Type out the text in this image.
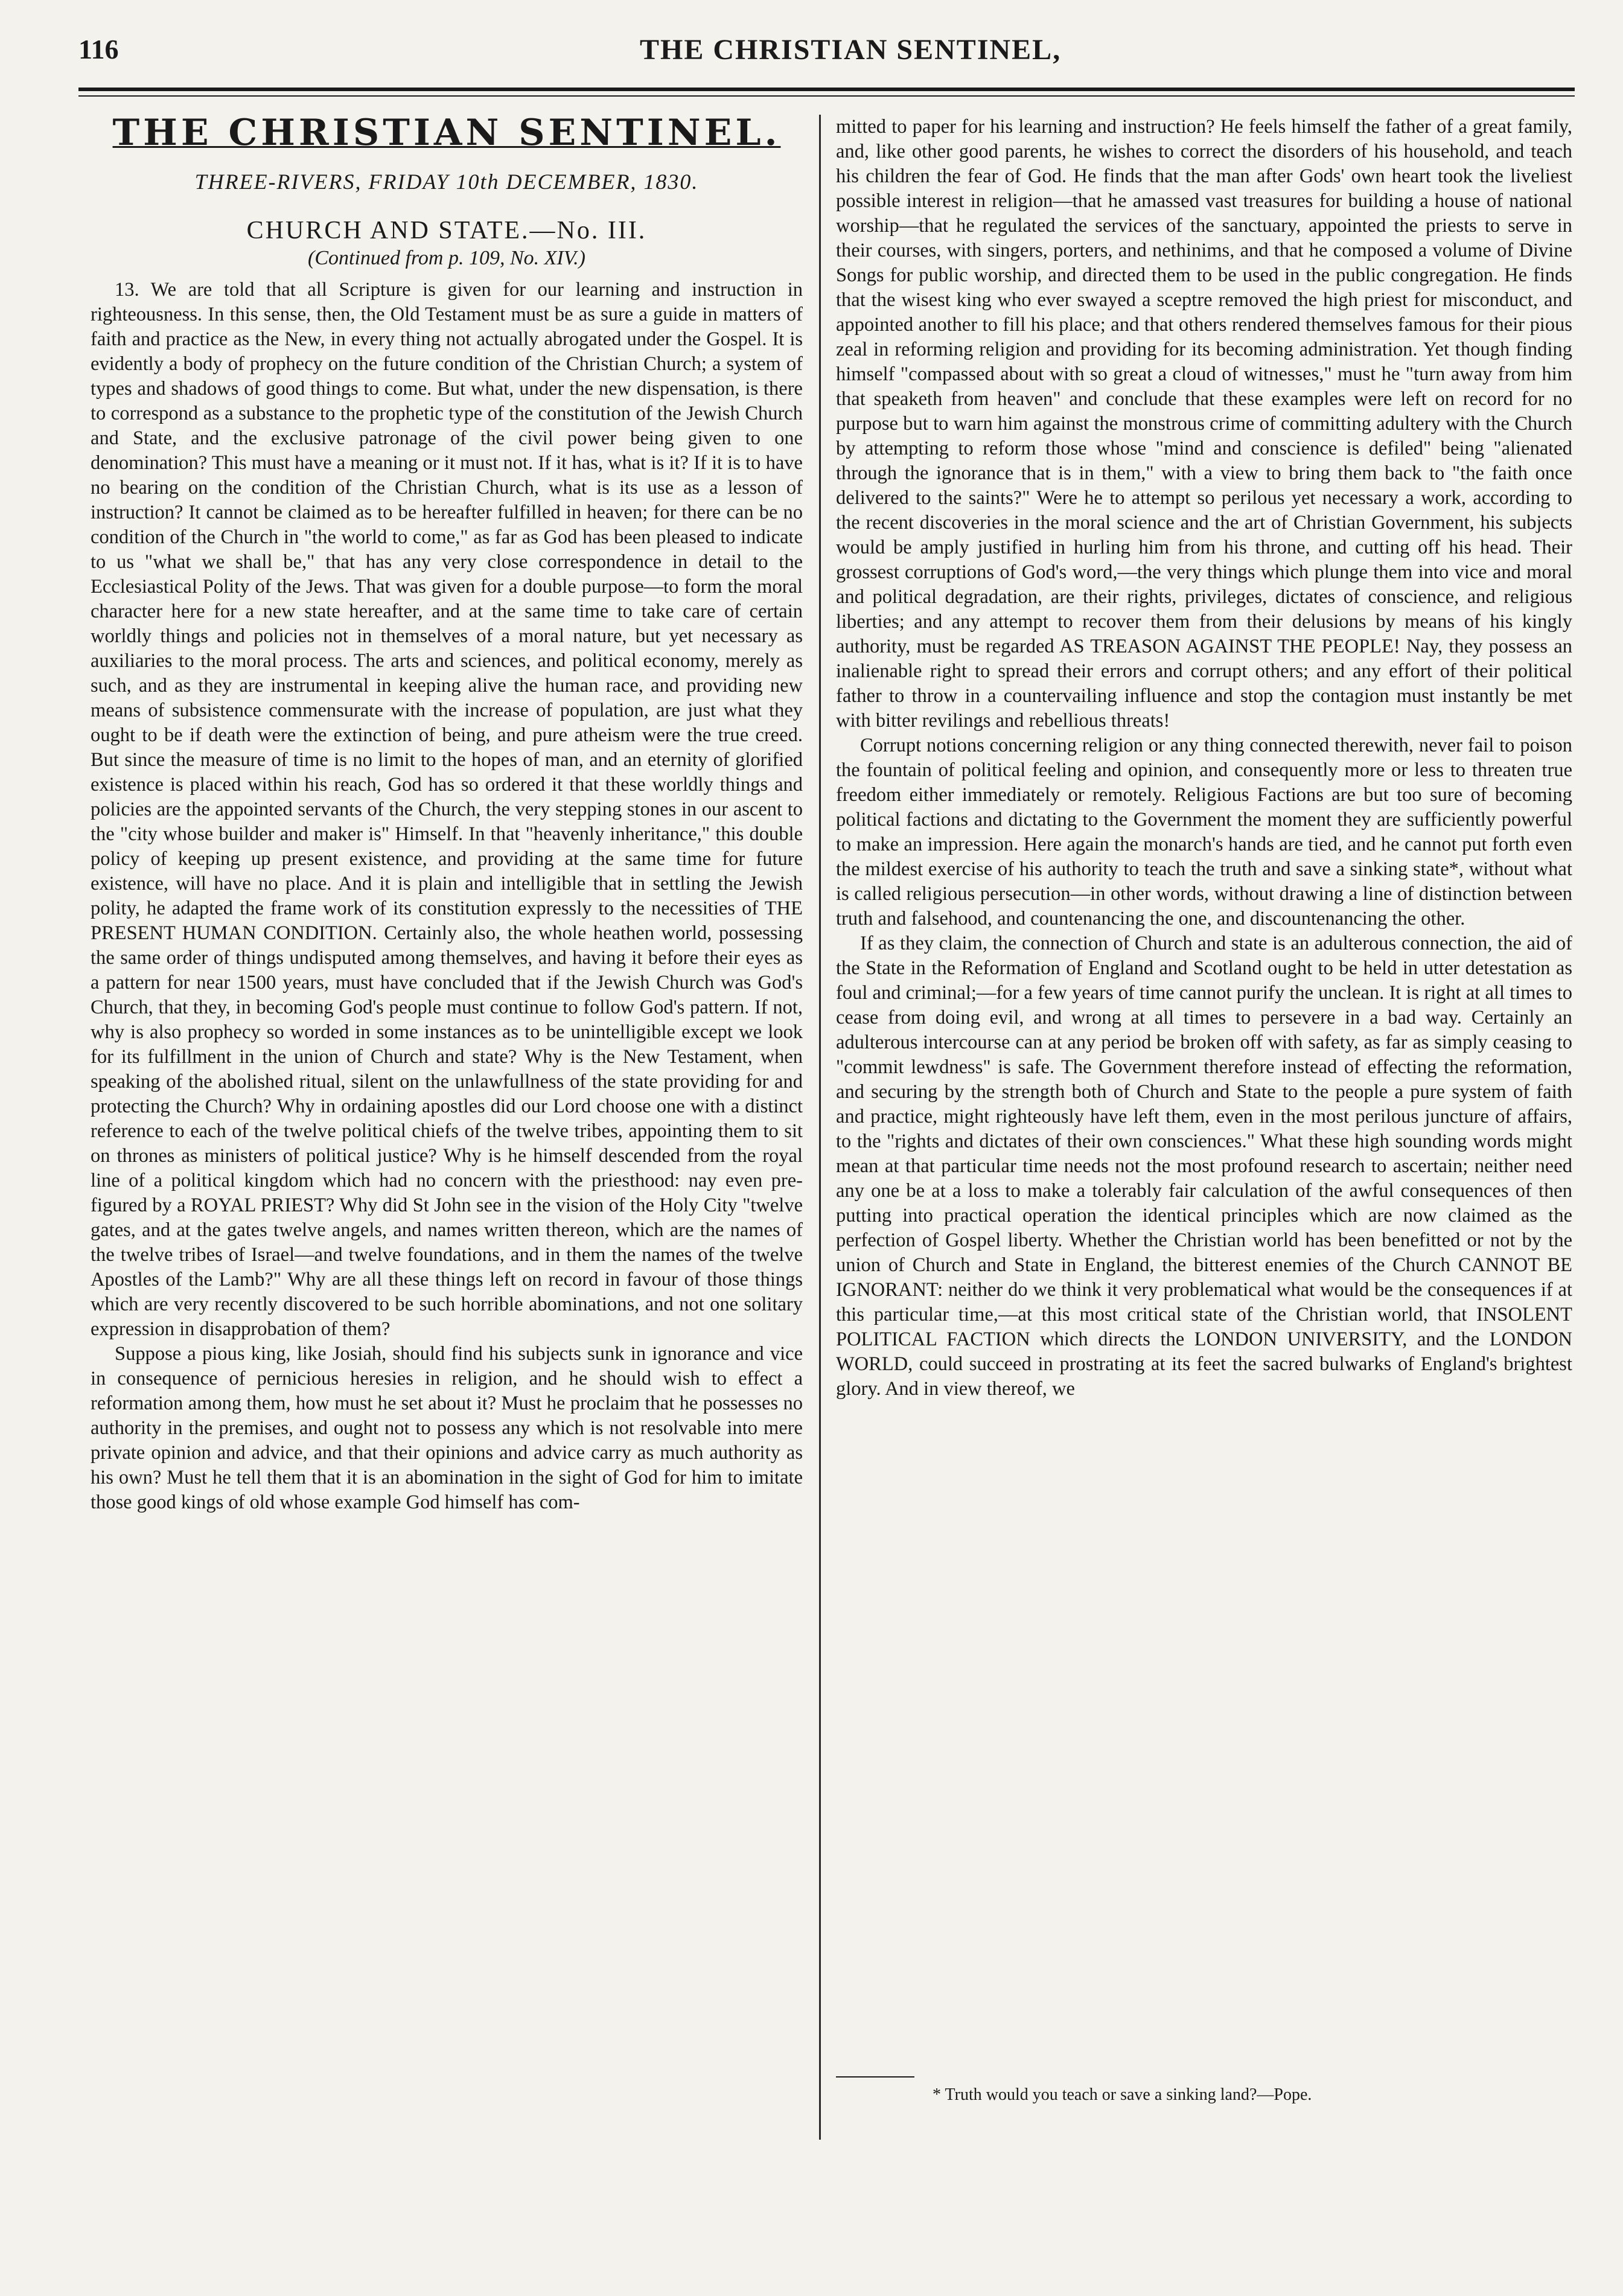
116	THE CHRISTIAN SENTINEL,
THE CHRISTIAN SENTINEL.
THREE-RIVERS, FRIDAY 10th DECEMBER, 1830.
CHURCH AND STATE.—No. III.
(Continued from p. 109, No. XIV.)

13. We are told that all Scripture is given for our learning and instruction in righteousness. In this sense, then, the Old Testament must be as sure a guide in matters of faith and practice as the New, in every thing not actually abrogated under the Gospel. It is evidently a body of prophecy on the future condition of the Christian Church; a system of types and shadows of good things to come. But what, under the new dispensation, is there to correspond as a substance to the prophetic type of the constitution of the Jewish Church and State, and the exclusive patronage of the civil power being given to one denomination? This must have a meaning or it must not. If it has, what is it? If it is to have no bearing on the condition of the Christian Church, what is its use as a lesson of instruction? It cannot be claimed as to be hereafter fulfilled in heaven; for there can be no condition of the Church in "the world to come," as far as God has been pleased to indicate to us "what we shall be," that has any very close correspondence in detail to the Ecclesiastical Polity of the Jews. That was given for a double purpose—to form the moral character here for a new state hereafter, and at the same time to take care of certain worldly things and policies not in themselves of a moral nature, but yet necessary as auxiliaries to the moral process. The arts and sciences, and political economy, merely as such, and as they are instrumental in keeping alive the human race, and providing new means of subsistence commensurate with the increase of population, are just what they ought to be if death were the extinction of being, and pure atheism were the true creed. But since the measure of time is no limit to the hopes of man, and an eternity of glorified existence is placed within his reach, God has so ordered it that these worldly things and policies are the appointed servants of the Church, the very stepping stones in our ascent to the "city whose builder and maker is" Himself. In that "heavenly inheritance," this double policy of keeping up present existence, and providing at the same time for future existence, will have no place. And it is plain and intelligible that in settling the Jewish polity, he adapted the frame work of its constitution expressly to the necessities of THE PRESENT HUMAN CONDITION. Certainly also, the whole heathen world, possessing the same order of things undisputed among themselves, and having it before their eyes as a pattern for near 1500 years, must have concluded that if the Jewish Church was God's Church, that they, in becoming God's people must continue to follow God's pattern. If not, why is also prophecy so worded in some instances as to be unintelligible except we look for its fulfillment in the union of Church and state? Why is the New Testament, when speaking of the abolished ritual, silent on the unlawfullness of the state providing for and protecting the Church? Why in ordaining apostles did our Lord choose one with a distinct reference to each of the twelve political chiefs of the twelve tribes, appointing them to sit on thrones as ministers of political justice? Why is he himself descended from the royal line of a political kingdom which had no concern with the priesthood: nay even pre-figured by a ROYAL PRIEST? Why did St John see in the vision of the Holy City "twelve gates, and at the gates twelve angels, and names written thereon, which are the names of the twelve tribes of Israel—and twelve foundations, and in them the names of the twelve Apostles of the Lamb?" Why are all these things left on record in favour of those things which are very recently discovered to be such horrible abominations, and not one solitary expression in disapprobation of them?

Suppose a pious king, like Josiah, should find his subjects sunk in ignorance and vice in consequence of pernicious heresies in religion, and he should wish to effect a reformation among them, how must he set about it? Must he proclaim that he possesses no authority in the premises, and ought not to possess any which is not resolvable into mere private opinion and advice, and that their opinions and advice carry as much authority as his own? Must he tell them that it is an abomination in the sight of God for him to imitate those good kings of old whose example God himself has com-

mitted to paper for his learning and instruction? He feels himself the father of a great family, and, like other good parents, he wishes to correct the disorders of his household, and teach his children the fear of God. He finds that the man after Gods' own heart took the liveliest possible interest in religion—that he amassed vast treasures for building a house of national worship—that he regulated the services of the sanctuary, appointed the priests to serve in their courses, with singers, porters, and nethinims, and that he composed a volume of Divine Songs for public worship, and directed them to be used in the public congregation. He finds that the wisest king who ever swayed a sceptre removed the high priest for misconduct, and appointed another to fill his place; and that others rendered themselves famous for their pious zeal in reforming religion and providing for its becoming administration. Yet though finding himself "compassed about with so great a cloud of witnesses," must he "turn away from him that speaketh from heaven" and conclude that these examples were left on record for no purpose but to warn him against the monstrous crime of committing adultery with the Church by attempting to reform those whose "mind and conscience is defiled" being "alienated through the ignorance that is in them," with a view to bring them back to "the faith once delivered to the saints?" Were he to attempt so perilous yet necessary a work, according to the recent discoveries in the moral science and the art of Christian Government, his subjects would be amply justified in hurling him from his throne, and cutting off his head. Their grossest corruptions of God's word,—the very things which plunge them into vice and moral and political degradation, are their rights, privileges, dictates of conscience, and religious liberties; and any attempt to recover them from their delusions by means of his kingly authority, must be regarded AS TREASON AGAINST THE PEOPLE! Nay, they possess an inalienable right to spread their errors and corrupt others; and any effort of their political father to throw in a countervailing influence and stop the contagion must instantly be met with bitter revilings and rebellious threats!

Corrupt notions concerning religion or any thing connected therewith, never fail to poison the fountain of political feeling and opinion, and consequently more or less to threaten true freedom either immediately or remotely. Religious Factions are but too sure of becoming political factions and dictating to the Government the moment they are sufficiently powerful to make an impression. Here again the monarch's hands are tied, and he cannot put forth even the mildest exercise of his authority to teach the truth and save a sinking state*, without what is called religious persecution—in other words, without drawing a line of distinction between truth and falsehood, and countenancing the one, and discountenancing the other.

If as they claim, the connection of Church and state is an adulterous connection, the aid of the State in the Reformation of England and Scotland ought to be held in utter detestation as foul and criminal;—for a few years of time cannot purify the unclean. It is right at all times to cease from doing evil, and wrong at all times to persevere in a bad way. Certainly an adulterous intercourse can at any period be broken off with safety, as far as simply ceasing to "commit lewdness" is safe. The Government therefore instead of effecting the reformation, and securing by the strength both of Church and State to the people a pure system of faith and practice, might righteously have left them, even in the most perilous juncture of affairs, to the "rights and dictates of their own consciences." What these high sounding words might mean at that particular time needs not the most profound research to ascertain; neither need any one be at a loss to make a tolerably fair calculation of the awful consequences of then putting into practical operation the identical principles which are now claimed as the perfection of Gospel liberty. Whether the Christian world has been benefitted or not by the union of Church and State in England, the bitterest enemies of the Church CANNOT BE IGNORANT: neither do we think it very problematical what would be the consequences if at this particular time,—at this most critical state of the Christian world, that INSOLENT POLITICAL FACTION which directs the LONDON UNIVERSITY, and the LONDON WORLD, could succeed in prostrating at its feet the sacred bulwarks of England's brightest glory. And in view thereof, we

* Truth would you teach or save a sinking land?—Pope.
